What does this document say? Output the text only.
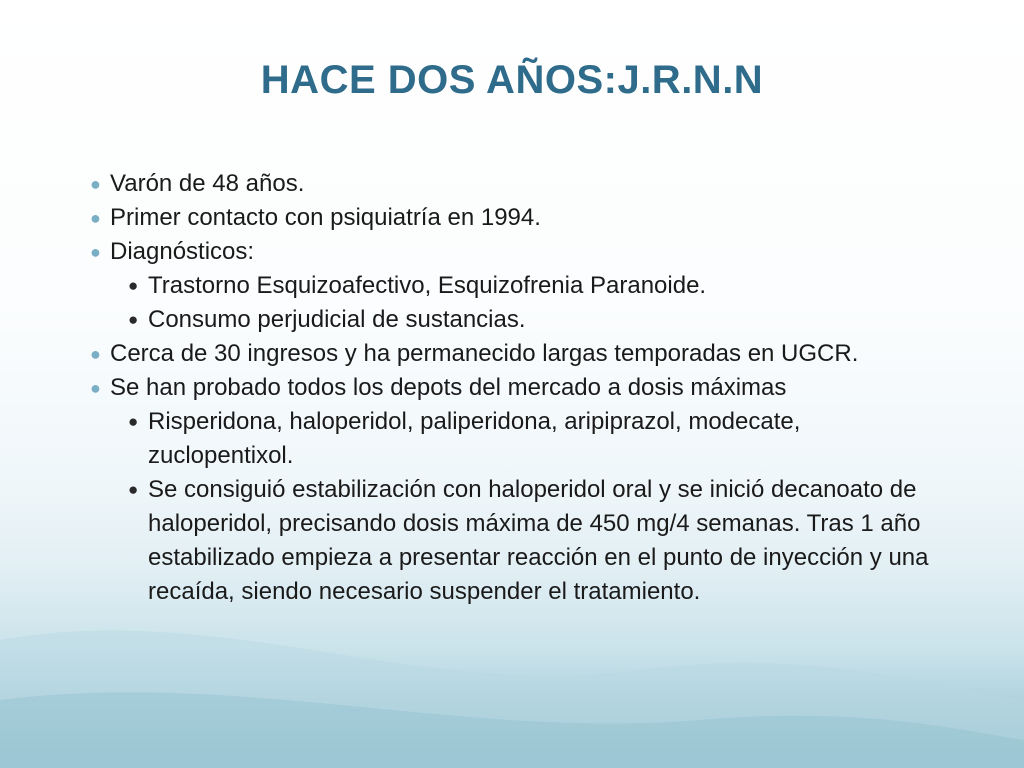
HACE DOS AÑOS:J.R.N.N
● Varón de 48 años.
● Primer contacto con psiquiatría en 1994.
● Diagnósticos:
● Trastorno Esquizoafectivo, Esquizofrenia Paranoide.
● Consumo perjudicial de sustancias.
● Cerca de 30 ingresos y ha permanecido largas temporadas en UGCR.
● Se han probado todos los depots del mercado a dosis máximas
● Risperidona, haloperidol, paliperidona, aripiprazol, modecate, zuclopentixol.
● Se consiguió estabilización con haloperidol oral y se inició decanoato de haloperidol, precisando dosis máxima de 450 mg/4 semanas. Tras 1 año estabilizado empieza a presentar reacción en el punto de inyección y una recaída, siendo necesario suspender el tratamiento.
